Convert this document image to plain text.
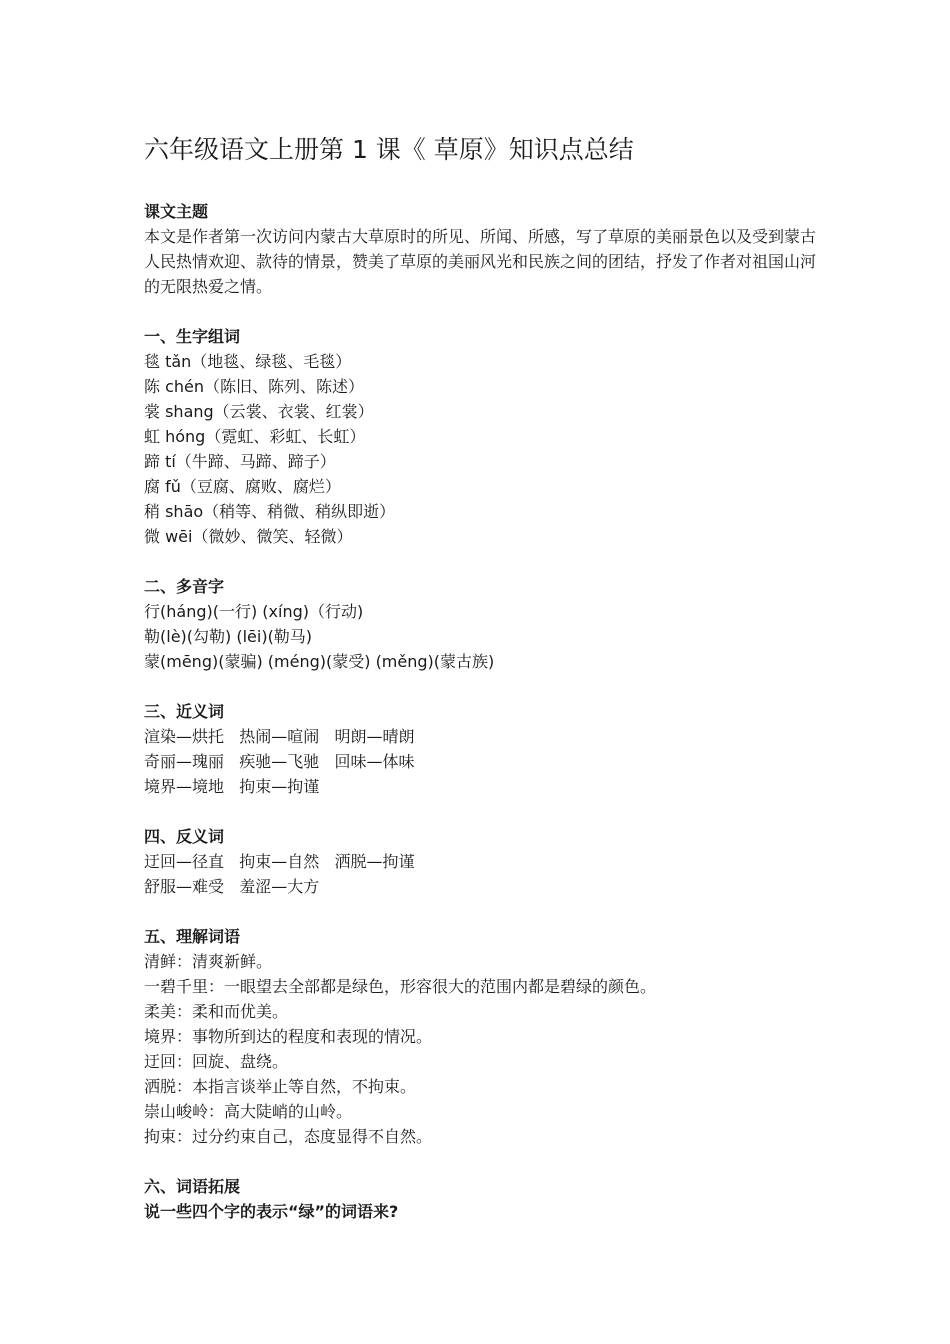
六年级语文上册第 1 课《 草原》知识点总结
课文主题
本文是作者第一次访问内蒙古大草原时的所见、所闻、所感，写了草原的美丽景色以及受到蒙古人民热情欢迎、款待的情景，赞美了草原的美丽风光和民族之间的团结，抒发了作者对祖国山河的无限热爱之情。
一、生字组词
毯 tǎn（地毯、绿毯、毛毯）
陈 chén（陈旧、陈列、陈述）
裳 shang（云裳、衣裳、红裳）
虹 hóng（霓虹、彩虹、长虹）
蹄 tí（牛蹄、马蹄、蹄子）
腐 fǔ（豆腐、腐败、腐烂）
稍 shāo（稍等、稍微、稍纵即逝）
微 wēi（微妙、微笑、轻微）
二、多音字
行(háng)(一行) (xíng)（行动)
勒(lè)(勾勒) (lēi)(勒马)
蒙(mēng)(蒙骗) (méng)(蒙受) (měng)(蒙古族)
三、近义词
渲染—烘托   热闹—喧闹   明朗—晴朗
奇丽—瑰丽   疾驰—飞驰   回味—体味
境界—境地   拘束—拘谨
四、反义词
迂回—径直   拘束—自然   洒脱—拘谨
舒服—难受   羞涩—大方
五、理解词语
清鲜：清爽新鲜。
一碧千里：一眼望去全部都是绿色，形容很大的范围内都是碧绿的颜色。
柔美：柔和而优美。
境界：事物所到达的程度和表现的情况。
迂回：回旋、盘绕。
洒脱：本指言谈举止等自然，不拘束。
崇山峻岭：高大陡峭的山岭。
拘束：过分约束自己，态度显得不自然。
六、词语拓展
说一些四个字的表示“绿”的词语来?
